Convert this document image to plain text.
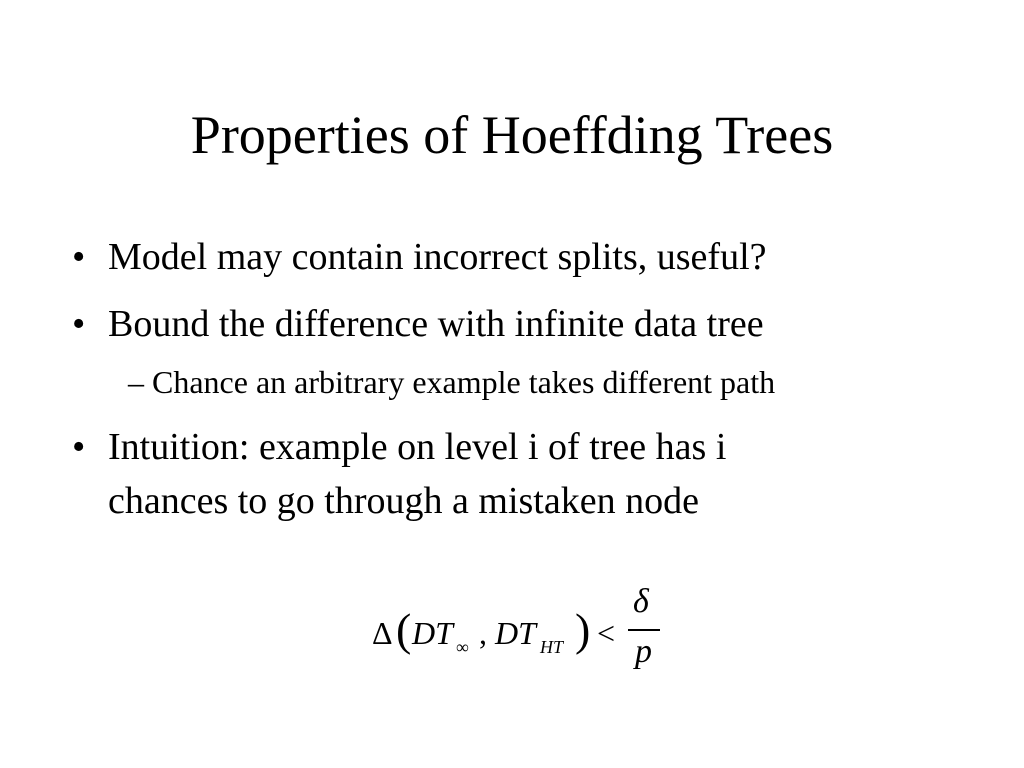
Properties of Hoeffding Trees
• Model may contain incorrect splits, useful?
• Bound the difference with infinite data tree
– Chance an arbitrary example takes different path
• Intuition: example on level i of tree has i
chances to go through a mistaken node
Δ ( DT ∞ , DT HT ) <
δ
p
